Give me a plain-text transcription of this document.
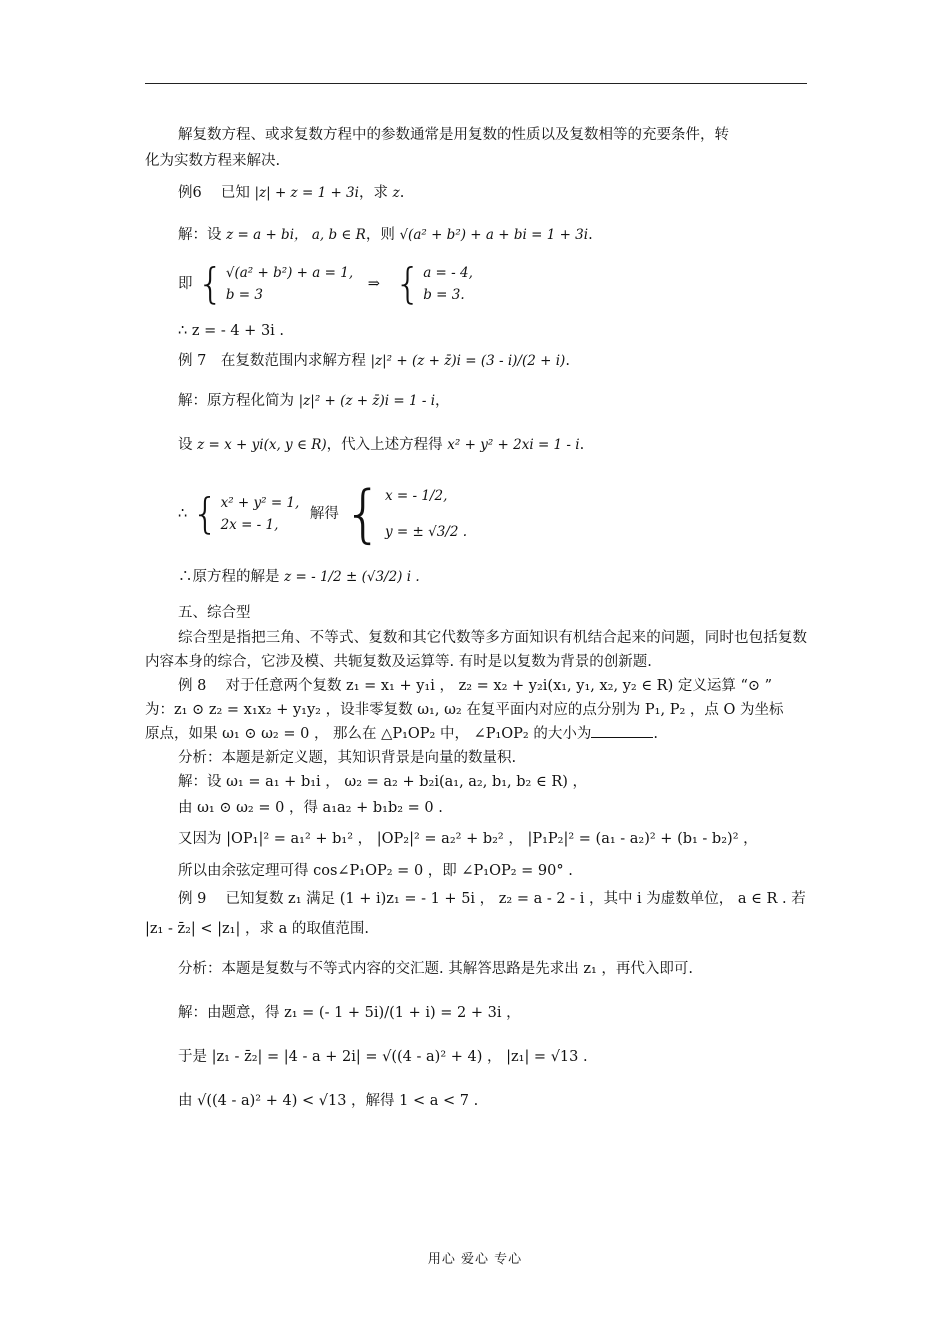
解复数方程、或求复数方程中的参数通常是用复数的性质以及复数相等的充要条件，转
化为实数方程来解决.
例6　 已知 |z| + z = 1 + 3i，求 z.
解：设 z = a + bi， a, b ∈ R，则 √(a² + b²) + a + bi = 1 + 3i.
即 { √(a² + b²) + a = 1,
b = 3
⇒ { a = - 4,
b = 3.
∴ z = - 4 + 3i .
例 7　在复数范围内求解方程 |z|² + (z + z̄)i = (3 - i)/(2 + i).
解：原方程化简为 |z|² + (z + z̄)i = 1 - i，
设 z = x + yi(x, y ∈ R)，代入上述方程得 x² + y² + 2xi = 1 - i.
∴ { x² + y² = 1,
2x = - 1,
解得 { x = - 1/2,
y = ± √3/2 .
∴原方程的解是 z = - 1/2 ± (√3/2) i .
五、综合型
综合型是指把三角、不等式、复数和其它代数等多方面知识有机结合起来的问题，同时也包括复数内容本身的综合，它涉及模、共轭复数及运算等. 有时是以复数为背景的创新题.
例 8　 对于任意两个复数 z₁ = x₁ + y₁i ， z₂ = x₂ + y₂i(x₁, y₁, x₂, y₂ ∈ R) 定义运算 “⊙ ”
为：z₁ ⊙ z₂ = x₁x₂ + y₁y₂ ，设非零复数 ω₁, ω₂ 在复平面内对应的点分别为 P₁, P₂ ，点 O 为坐标
原点，如果 ω₁ ⊙ ω₂ = 0 ， 那么在 △P₁OP₂ 中， ∠P₁OP₂ 的大小为	.
分析：本题是新定义题，其知识背景是向量的数量积.
解：设 ω₁ = a₁ + b₁i ， ω₂ = a₂ + b₂i(a₁, a₂, b₁, b₂ ∈ R) ，
由 ω₁ ⊙ ω₂ = 0 ，得 a₁a₂ + b₁b₂ = 0 .
又因为 |OP₁|² = a₁² + b₁² ， |OP₂|² = a₂² + b₂² ， |P₁P₂|² = (a₁ - a₂)² + (b₁ - b₂)² ，
所以由余弦定理可得 cos∠P₁OP₂ = 0 ，即 ∠P₁OP₂ = 90° .
例 9　 已知复数 z₁ 满足 (1 + i)z₁ = - 1 + 5i ， z₂ = a - 2 - i ，其中 i 为虚数单位， a ∈ R . 若
|z₁ - z̄₂| < |z₁| ，求 a 的取值范围.
分析：本题是复数与不等式内容的交汇题. 其解答思路是先求出 z₁ ，再代入即可.
解：由题意，得 z₁ = (- 1 + 5i)/(1 + i) = 2 + 3i ，
于是 |z₁ - z̄₂| = |4 - a + 2i| = √((4 - a)² + 4) ， |z₁| = √13 .
由 √((4 - a)² + 4) < √13 ，解得 1 < a < 7 .
用心 爱心 专心
